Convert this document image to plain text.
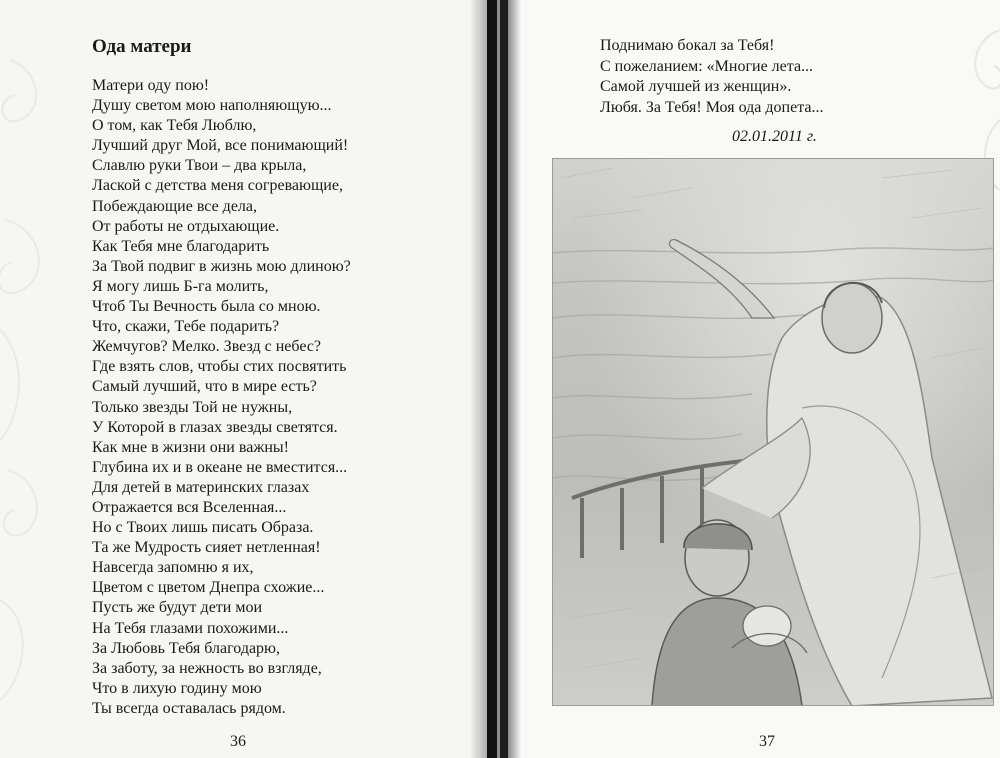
Ода матери
Матери оду пою!
Душу светом мою наполняющую...
О том, как Тебя Люблю,
Лучший друг Мой, все понимающий!
Славлю руки Твои – два крыла,
Лаской с детства меня согревающие,
Побеждающие все дела,
От работы не отдыхающие.
Как Тебя мне благодарить
За Твой подвиг в жизнь мою длиною?
Я могу лишь Б-га молить,
Чтоб Ты Вечность была со мною.
Что, скажи, Тебе подарить?
Жемчугов? Мелко. Звезд с небес?
Где взять слов, чтобы стих посвятить
Самый лучший, что в мире есть?
Только звезды Той не нужны,
У Которой в глазах звезды светятся.
Как мне в жизни они важны!
Глубина их и в океане не вместится...
Для детей в материнских глазах
Отражается вся Вселенная...
Но с Твоих лишь писать Образа.
Та же Мудрость сияет нетленная!
Навсегда запомню я их,
Цветом с цветом Днепра схожие...
Пусть же будут дети мои
На Тебя глазами похожими...
За Любовь Тебя благодарю,
За заботу, за нежность во взгляде,
Что в лихую годину мою
Ты всегда оставалась рядом.
36
Поднимаю бокал за Тебя!
С пожеланием: «Многие лета...
Самой лучшей из женщин».
Любя. За Тебя! Моя ода допета...
02.01.2011 г.
37
